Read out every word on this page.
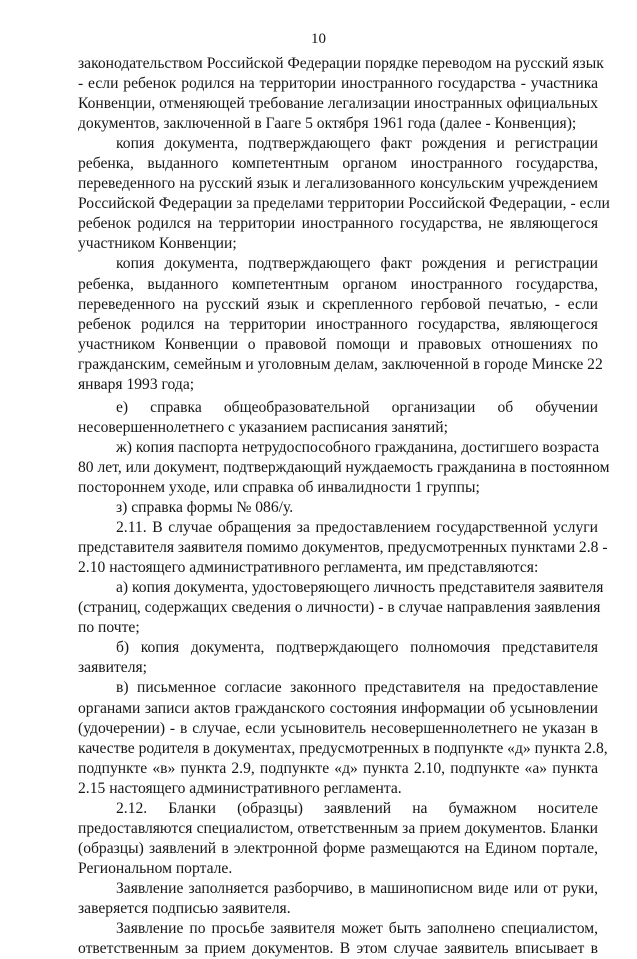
10
законодательством Российской Федерации порядке переводом на русский язык
- если ребенок родился на территории иностранного государства - участника
Конвенции, отменяющей требование легализации иностранных официальных
документов, заключенной в Гааге 5 октября 1961 года (далее - Конвенция);
копия документа, подтверждающего факт рождения и регистрации
ребенка, выданного компетентным органом иностранного государства,
переведенного на русский язык и легализованного консульским учреждением
Российской Федерации за пределами территории Российской Федерации, - если
ребенок родился на территории иностранного государства, не являющегося
участником Конвенции;
копия документа, подтверждающего факт рождения и регистрации
ребенка, выданного компетентным органом иностранного государства,
переведенного на русский язык и скрепленного гербовой печатью, - если
ребенок родился на территории иностранного государства, являющегося
участником Конвенции о правовой помощи и правовых отношениях по
гражданским, семейным и уголовным делам, заключенной в городе Минске 22
января 1993 года;
е) справка общеобразовательной организации об обучении
несовершеннолетнего с указанием расписания занятий;
ж) копия паспорта нетрудоспособного гражданина, достигшего возраста
80 лет, или документ, подтверждающий нуждаемость гражданина в постоянном
постороннем уходе, или справка об инвалидности 1 группы;
з) справка формы № 086/у.
2.11. В случае обращения за предоставлением государственной услуги
представителя заявителя помимо документов, предусмотренных пунктами 2.8 -
2.10 настоящего административного регламента, им представляются:
а) копия документа, удостоверяющего личность представителя заявителя
(страниц, содержащих сведения о личности) - в случае направления заявления
по почте;
б) копия документа, подтверждающего полномочия представителя
заявителя;
в) письменное согласие законного представителя на предоставление
органами записи актов гражданского состояния информации об усыновлении
(удочерении) - в случае, если усыновитель несовершеннолетнего не указан в
качестве родителя в документах, предусмотренных в подпункте «д» пункта 2.8,
подпункте «в» пункта 2.9, подпункте «д» пункта 2.10, подпункте «а» пункта
2.15 настоящего административного регламента.
2.12. Бланки (образцы) заявлений на бумажном носителе
предоставляются специалистом, ответственным за прием документов. Бланки
(образцы) заявлений в электронной форме размещаются на Едином портале,
Региональном портале.
Заявление заполняется разборчиво, в машинописном виде или от руки,
заверяется подписью заявителя.
Заявление по просьбе заявителя может быть заполнено специалистом,
ответственным за прием документов. В этом случае заявитель вписывает в
